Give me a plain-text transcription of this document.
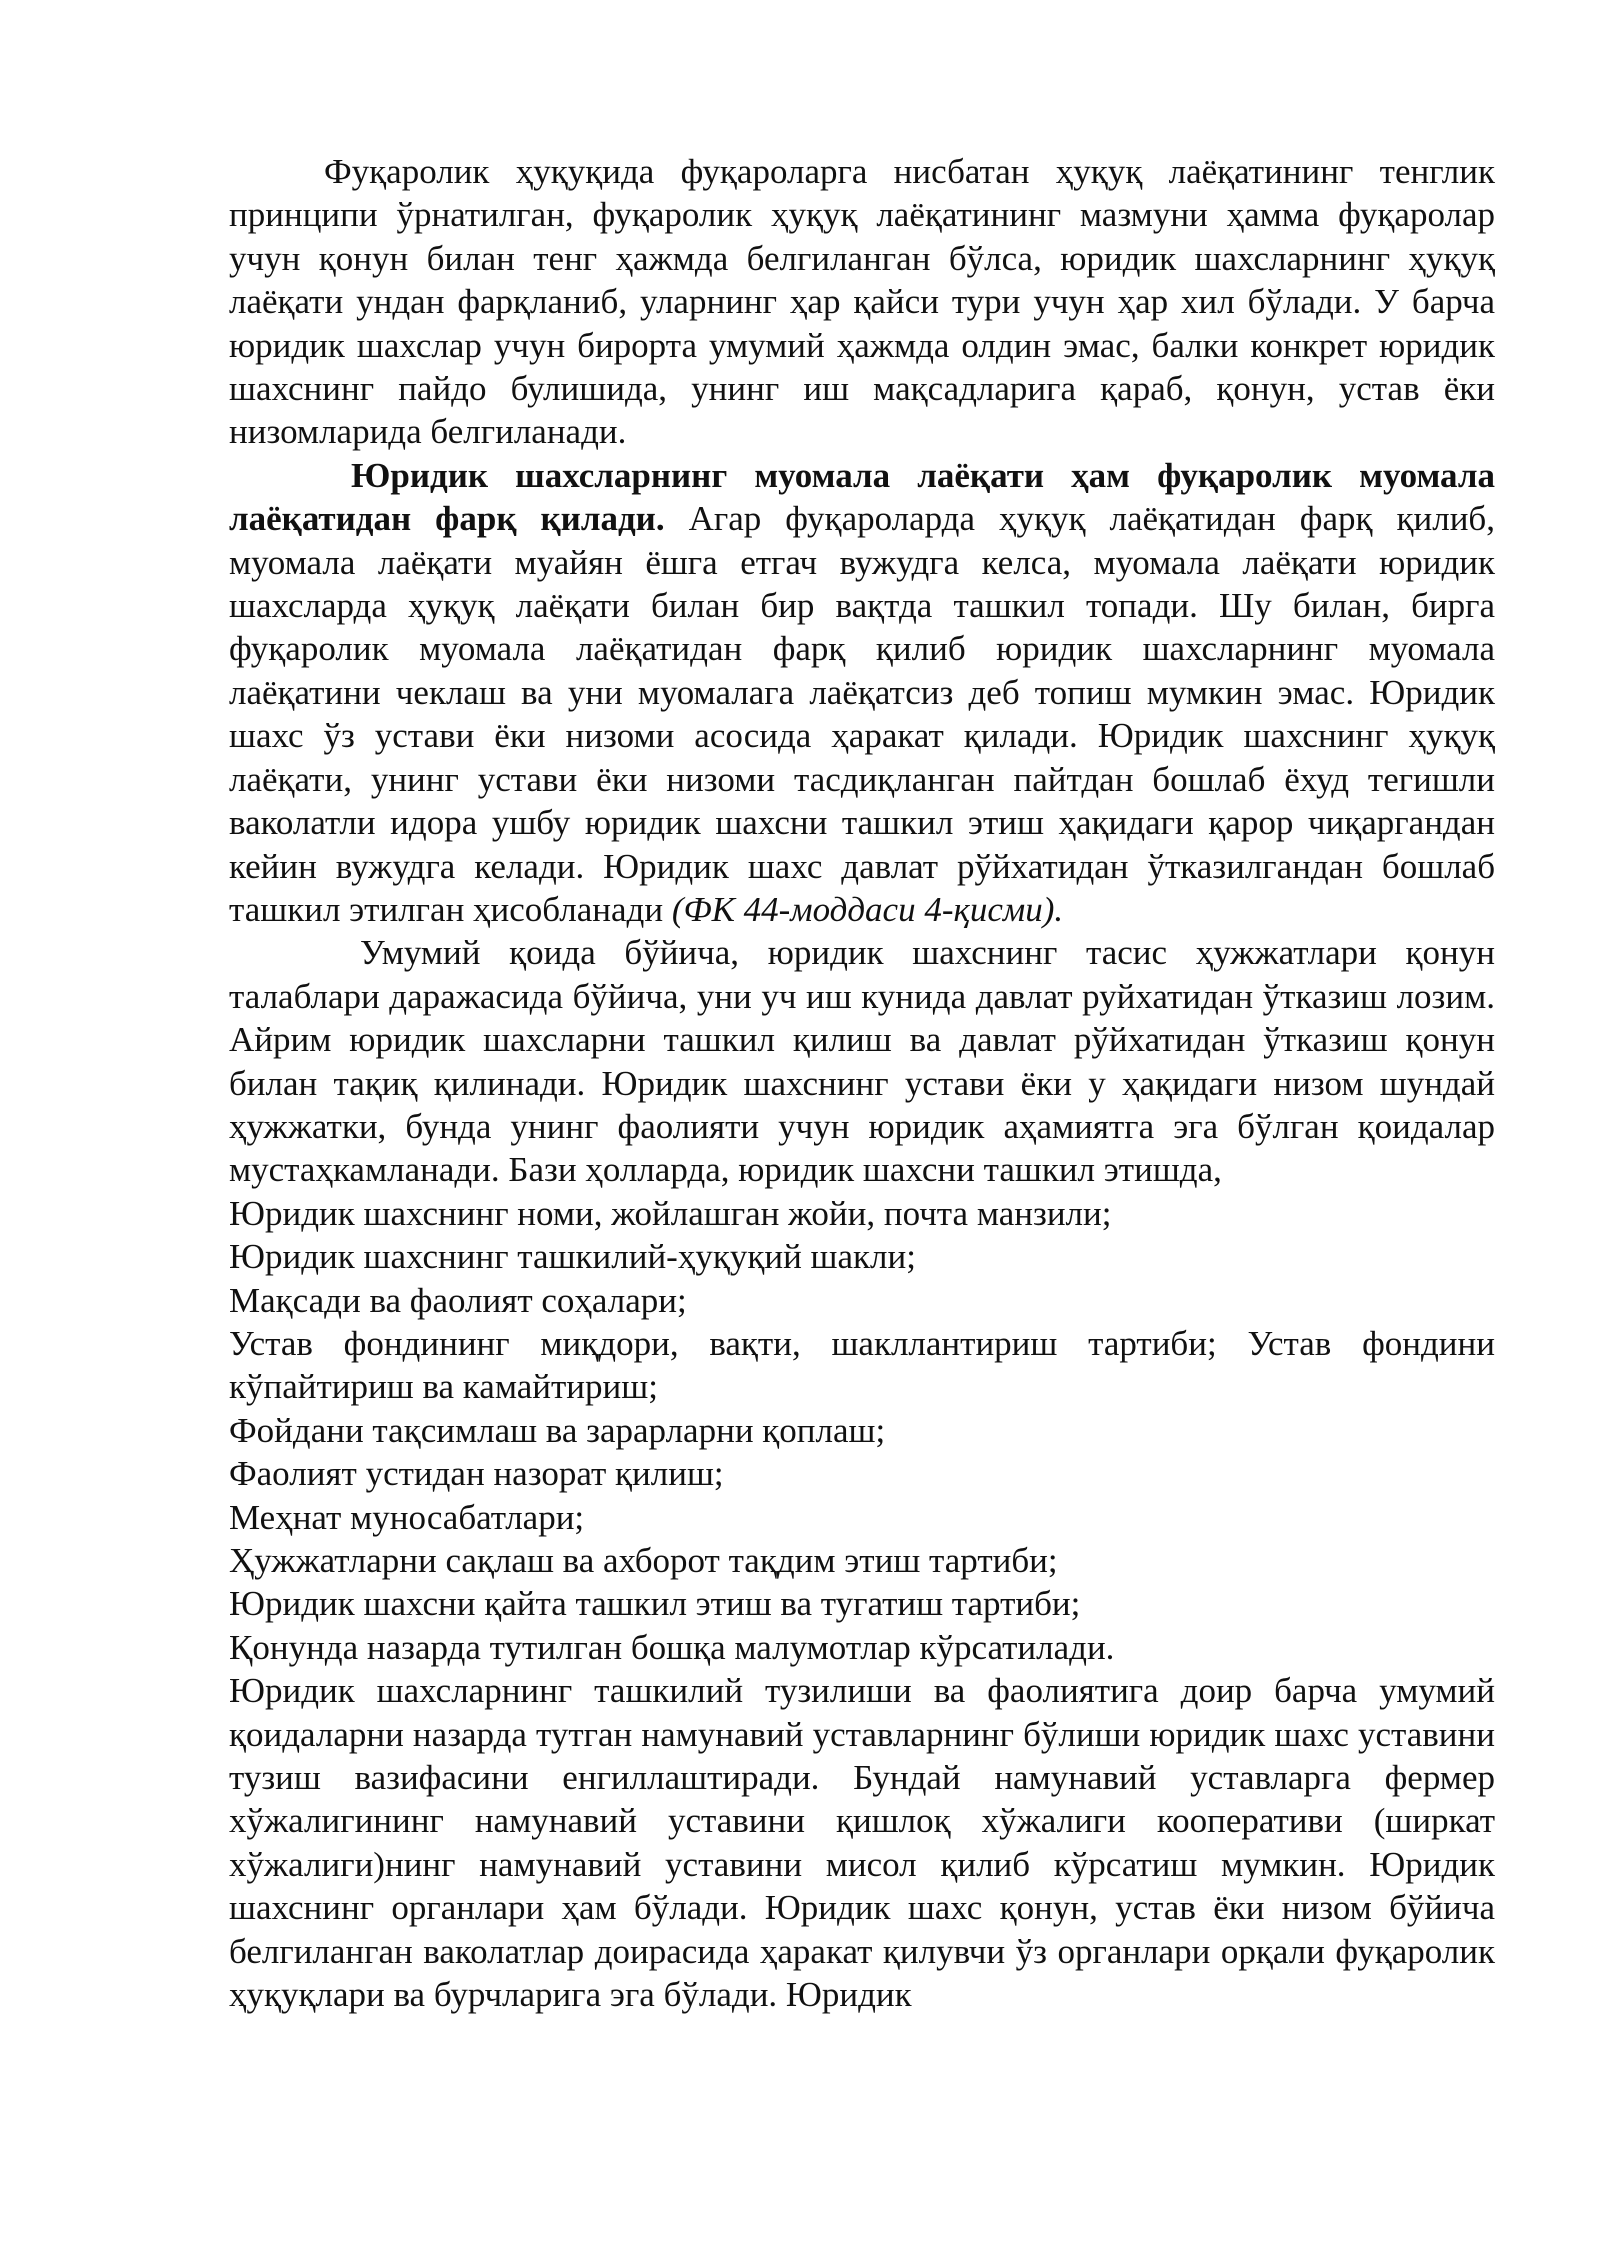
Фуқаролик ҳуқуқида фуқароларга нисбатан ҳуқуқ лаёқатининг тенглик принципи ўрнатилган, фуқаролик ҳуқуқ лаёқатининг мазмуни ҳамма фуқаролар учун қонун билан тенг ҳажмда белгиланган бўлса, юридик шахсларнинг ҳуқуқ лаёқати ундан фарқланиб, уларнинг ҳар қайси тури учун ҳар хил бўлади. У барча юридик шахслар учун бирорта умумий ҳажмда олдин эмас, балки конкрет юридик шахснинг пайдо булишида, унинг иш мақсадларига қараб, қонун, устав ёки низомларида белгиланади.

Юридик шахсларнинг муомала лаёқати ҳам фуқаролик муомала лаёқатидан фарқ қилади. Агар фуқароларда ҳуқуқ лаёқатидан фарқ қилиб, муомала лаёқати муайян ёшга етгач вужудга келса, муомала лаёқати юридик шахсларда ҳуқуқ лаёқати билан бир вақтда ташкил топади. Шу билан, бирга фуқаролик муомала лаёқатидан фарқ қилиб юридик шахсларнинг муомала лаёқатини чеклаш ва уни муомалага лаёқатсиз деб топиш мумкин эмас. Юридик шахс ўз устави ёки низоми асосида ҳаракат қилади. Юридик шахснинг ҳуқуқ лаёқати, унинг устави ёки низоми тасдиқланган пайтдан бошлаб ёхуд тегишли ваколатли идора ушбу юридик шахсни ташкил этиш ҳақидаги қарор чиқаргандан кейин вужудга келади. Юридик шахс давлат рўйхатидан ўтказилгандан бошлаб ташкил этилган ҳисобланади (ФК 44-моддаси 4-қисми).

Умумий қоида бўйича, юридик шахснинг тасис ҳужжатлари қонун талаблари даражасида бўйича, уни уч иш кунида давлат руйхатидан ўтказиш лозим. Айрим юридик шахсларни ташкил қилиш ва давлат рўйхатидан ўтказиш қонун билан тақиқ қилинади. Юридик шахснинг устави ёки у ҳақидаги низом шундай ҳужжатки, бунда унинг фаолияти учун юридик аҳамиятга эга бўлган қоидалар мустаҳкамланади. Бази ҳолларда, юридик шахсни ташкил этишда,

Юридик шахснинг номи, жойлашган жойи, почта манзили;

Юридик шахснинг ташкилий-ҳуқуқий шакли;

Мақсади ва фаолият соҳалари;

Устав фондининг миқдори, вақти, шакллантириш тартиби; Устав фондини кўпайтириш ва камайтириш;

Фойдани тақсимлаш ва зарарларни қоплаш;

Фаолият устидан назорат қилиш;

Меҳнат муносабатлари;

Ҳужжатларни сақлаш ва ахборот тақдим этиш тартиби;

Юридик шахсни қайта ташкил этиш ва тугатиш тартиби;

Қонунда назарда тутилган бошқа малумотлар кўрсатилади.

Юридик шахсларнинг ташкилий тузилиши ва фаолиятига доир барча умумий қоидаларни назарда тутган намунавий уставларнинг бўлиши юридик шахс уставини тузиш вазифасини енгиллаштиради. Бундай намунавий уставларга фермер хўжалигининг намунавий уставини қишлоқ хўжалиги кооперативи (ширкат хўжалиги)нинг намунавий уставини мисол қилиб кўрсатиш мумкин. Юридик шахснинг органлари ҳам бўлади. Юридик шахс қонун, устав ёки низом бўйича белгиланган ваколатлар доирасида ҳаракат қилувчи ўз органлари орқали фуқаролик ҳуқуқлари ва бурчларига эга бўлади. Юридик
